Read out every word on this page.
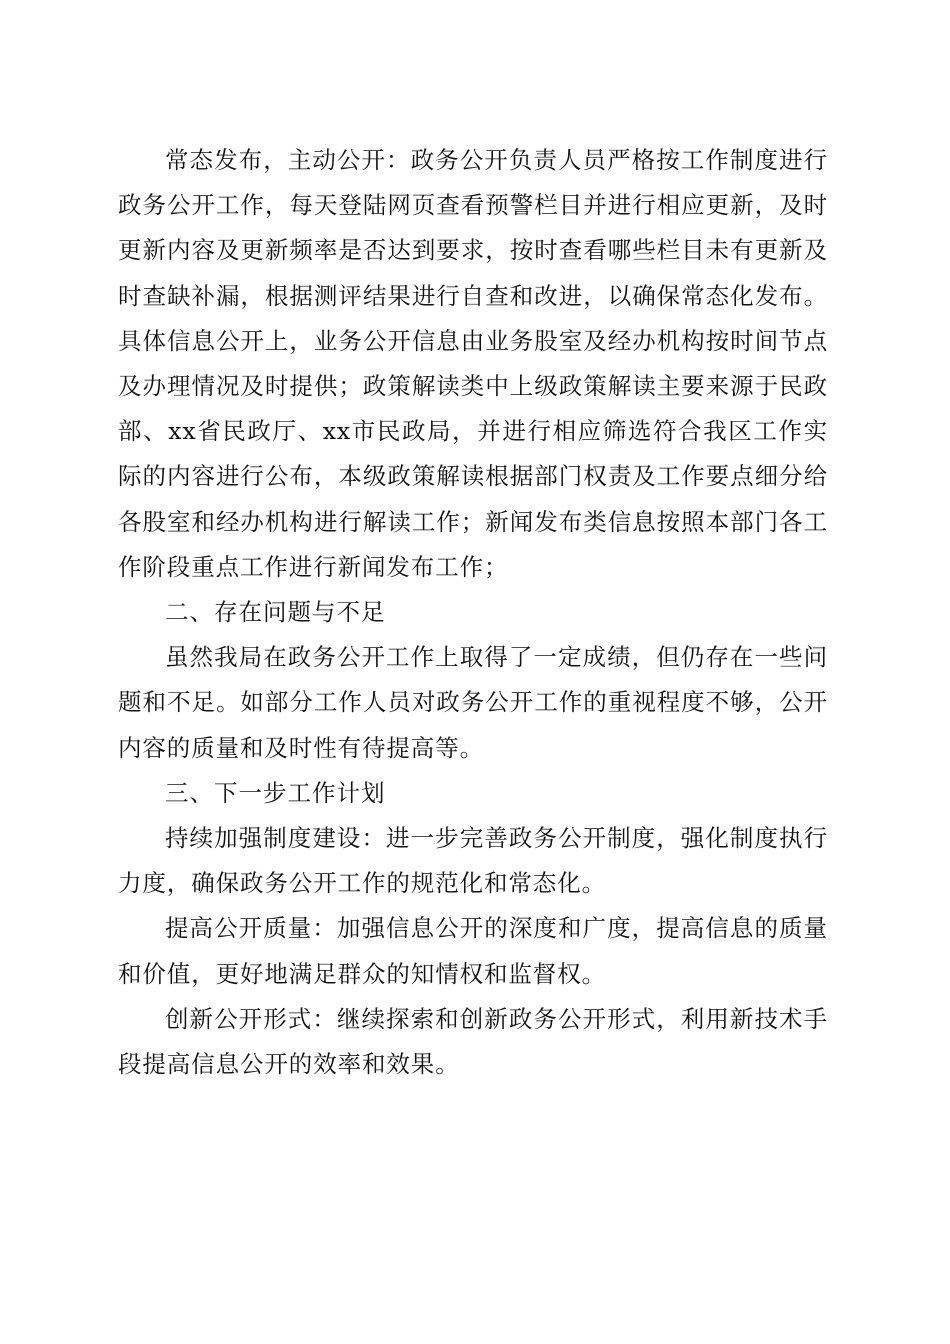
常态发布，主动公开：政务公开负责人员严格按工作制度进行政务公开工作，每天登陆网页查看预警栏目并进行相应更新，及时更新内容及更新频率是否达到要求，按时查看哪些栏目未有更新及时查缺补漏，根据测评结果进行自查和改进，以确保常态化发布。具体信息公开上，业务公开信息由业务股室及经办机构按时间节点及办理情况及时提供；政策解读类中上级政策解读主要来源于民政部、xx省民政厅、xx市民政局，并进行相应筛选符合我区工作实际的内容进行公布，本级政策解读根据部门权责及工作要点细分给各股室和经办机构进行解读工作；新闻发布类信息按照本部门各工作阶段重点工作进行新闻发布工作；

二、存在问题与不足

虽然我局在政务公开工作上取得了一定成绩，但仍存在一些问题和不足。如部分工作人员对政务公开工作的重视程度不够，公开内容的质量和及时性有待提高等。

三、下一步工作计划

持续加强制度建设：进一步完善政务公开制度，强化制度执行力度，确保政务公开工作的规范化和常态化。

提高公开质量：加强信息公开的深度和广度，提高信息的质量和价值，更好地满足群众的知情权和监督权。

创新公开形式：继续探索和创新政务公开形式，利用新技术手段提高信息公开的效率和效果。
